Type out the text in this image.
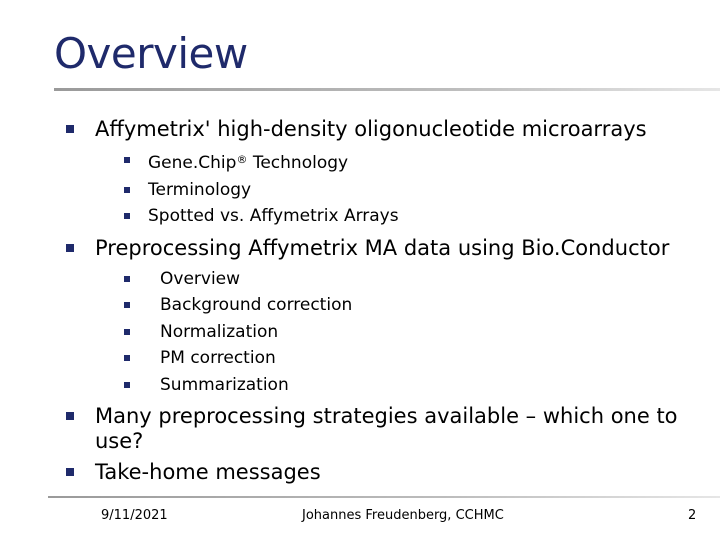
Overview
Affymetrix' high-density oligonucleotide microarrays
Gene.Chip® Technology
Terminology
Spotted vs. Affymetrix Arrays
Preprocessing Affymetrix MA data using Bio.Conductor
Overview
Background correction
Normalization
PM correction
Summarization
Many preprocessing strategies available – which one to use?
Take-home messages
9/11/2021	Johannes Freudenberg, CCHMC	2
